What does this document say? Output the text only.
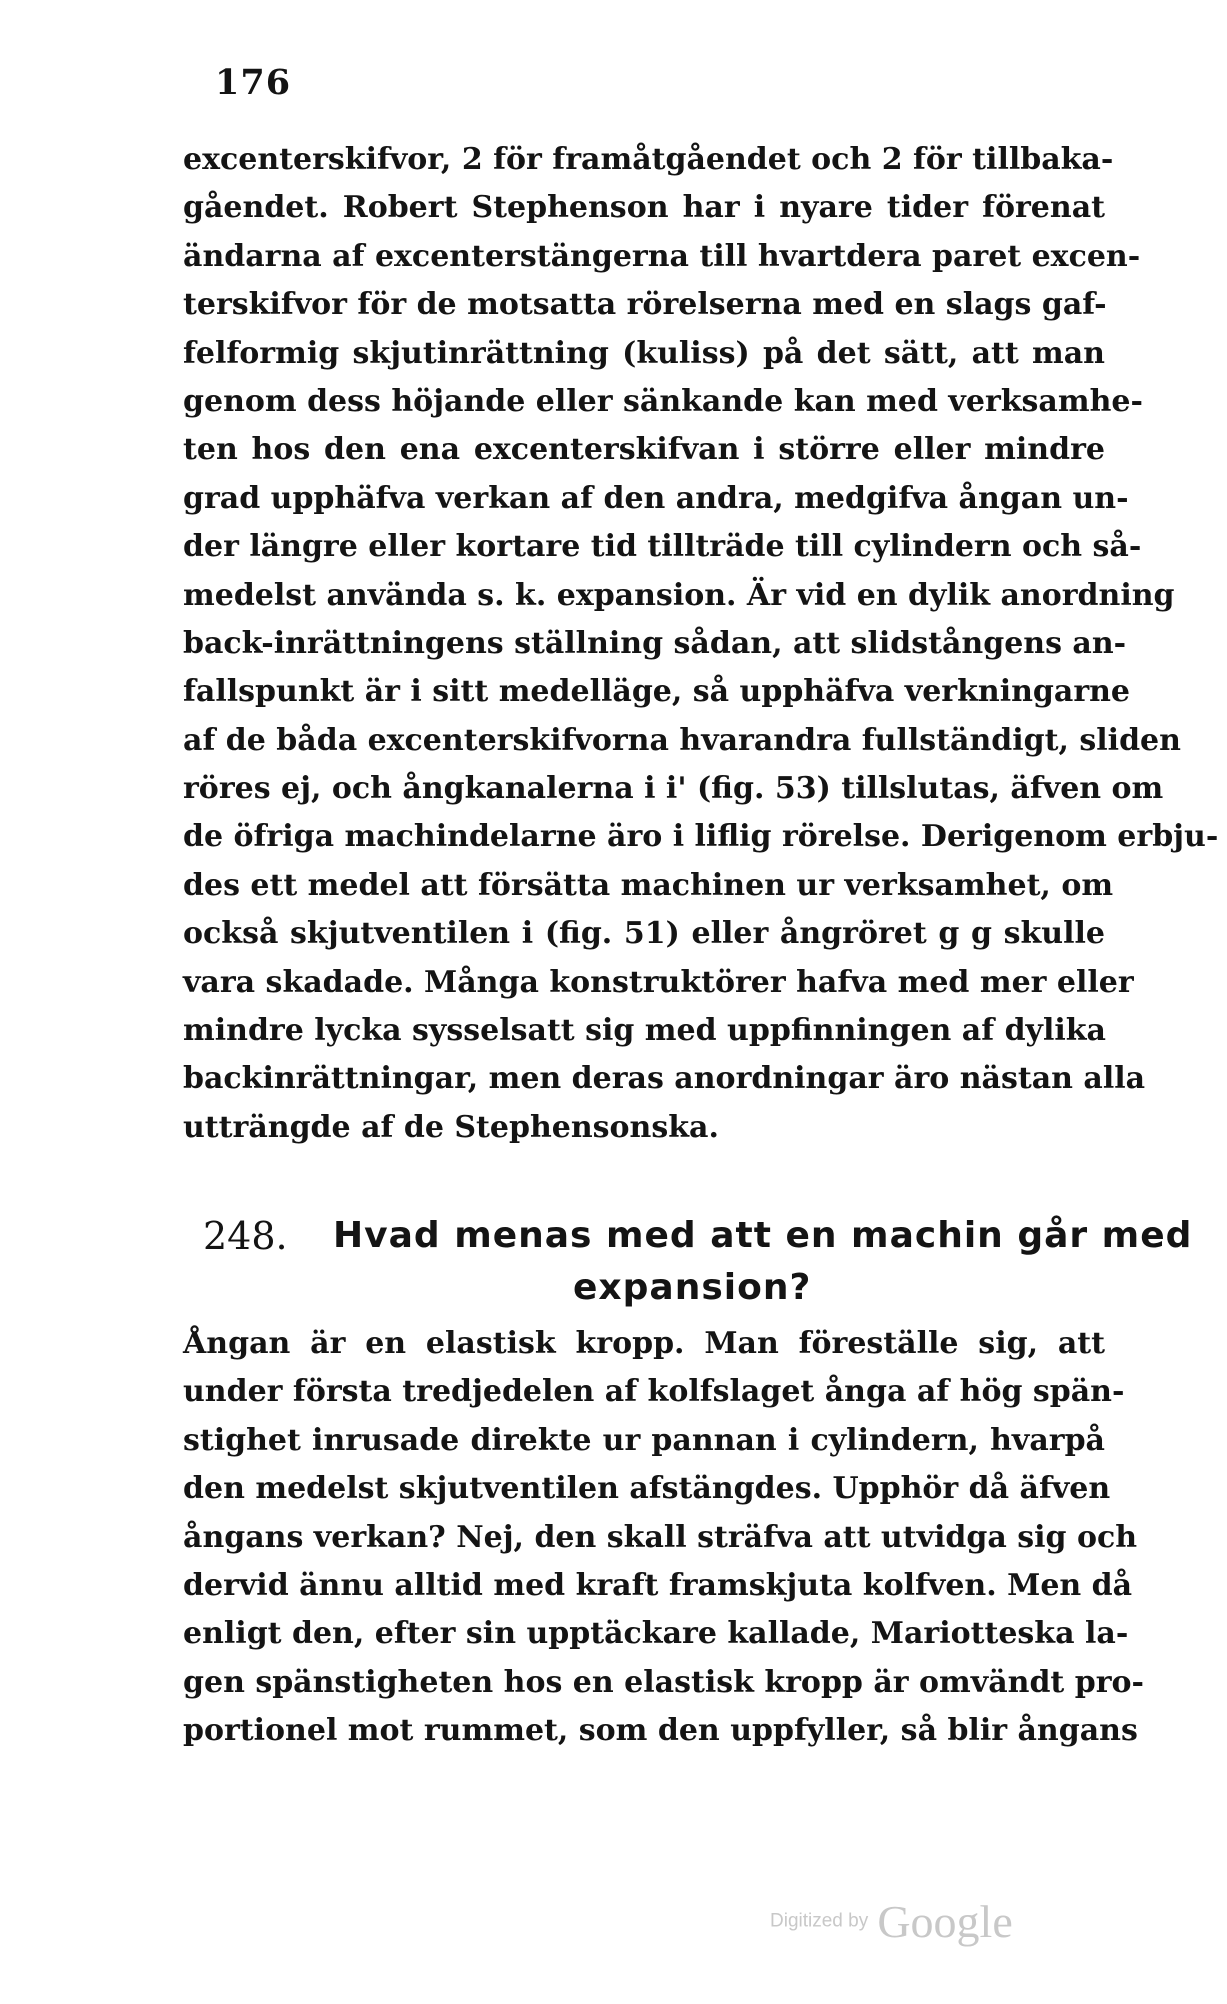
176
excenterskifvor, 2 för framåtgåendet och 2 för tillbaka-
gåendet. Robert Stephenson har i nyare tider förenat
ändarna af excenterstängerna till hvartdera paret excen-
terskifvor för de motsatta rörelserna med en slags gaf-
felformig skjutinrättning (kuliss) på det sätt, att man
genom dess höjande eller sänkande kan med verksamhe-
ten hos den ena excenterskifvan i större eller mindre
grad upphäfva verkan af den andra, medgifva ångan un-
der längre eller kortare tid tillträde till cylindern och så-
medelst använda s. k. expansion. Är vid en dylik anordning
back-inrättningens ställning sådan, att slidstångens an-
fallspunkt är i sitt medelläge, så upphäfva verkningarne
af de båda excenterskifvorna hvarandra fullständigt, sliden
röres ej, och ångkanalerna i i' (fig. 53) tillslutas, äfven om
de öfriga machindelarne äro i liflig rörelse. Derigenom erbju-
des ett medel att försätta machinen ur verksamhet, om
också skjutventilen i (fig. 51) eller ångröret g g skulle
vara skadade. Många konstruktörer hafva med mer eller
mindre lycka sysselsatt sig med uppfinningen af dylika
backinrättningar, men deras anordningar äro nästan alla
utträngde af de Stephensonska.
248. Hvad menas med att en machin går med
expansion?
Ångan är en elastisk kropp. Man föreställe sig, att
under första tredjedelen af kolfslaget ånga af hög spän-
stighet inrusade direkte ur pannan i cylindern, hvarpå
den medelst skjutventilen afstängdes. Upphör då äfven
ångans verkan? Nej, den skall sträfva att utvidga sig och
dervid ännu alltid med kraft framskjuta kolfven. Men då
enligt den, efter sin upptäckare kallade, Mariotteska la-
gen spänstigheten hos en elastisk kropp är omvändt pro-
portionel mot rummet, som den uppfyller, så blir ångans
Digitized by Google
